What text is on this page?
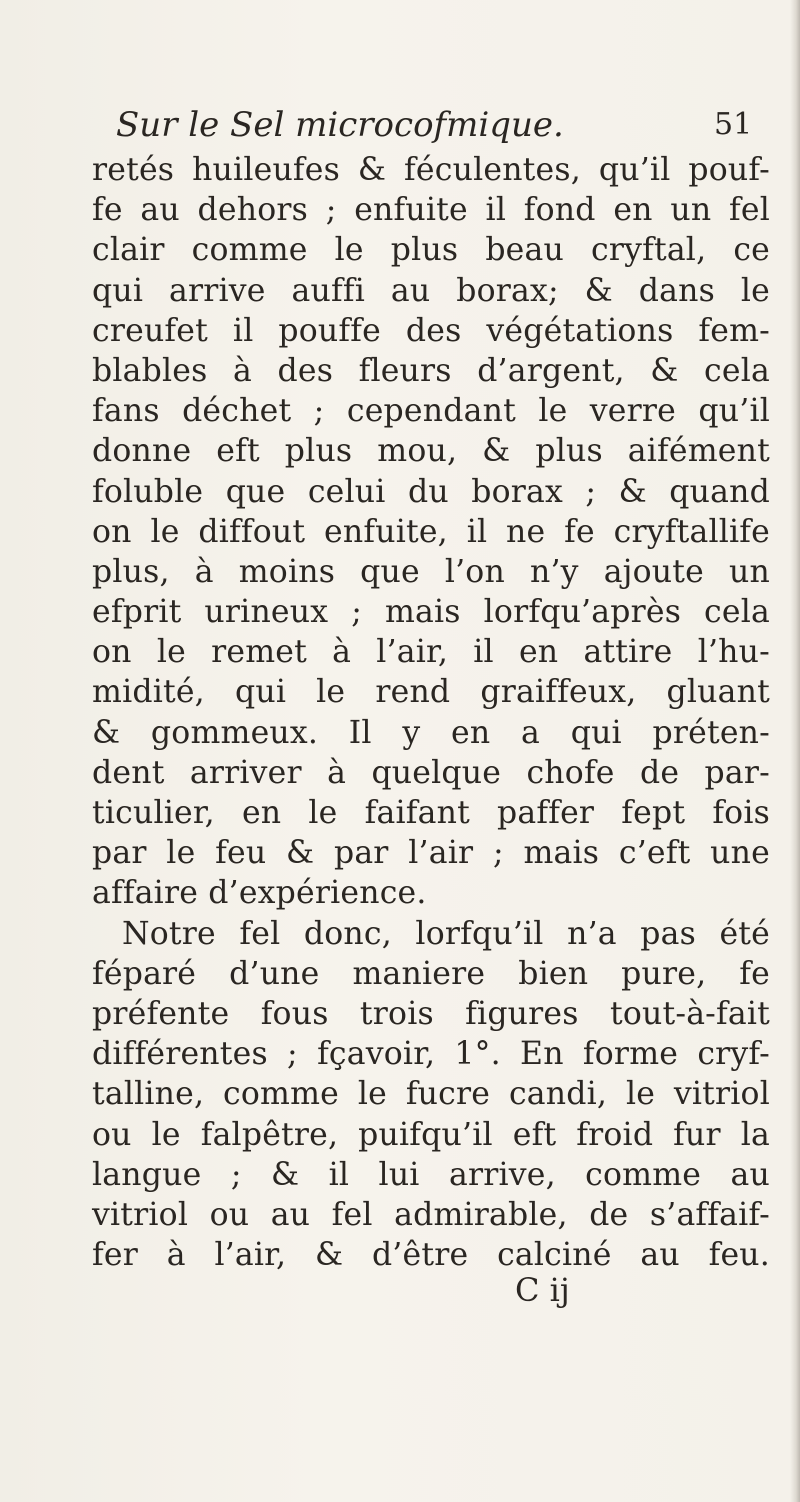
Sur le Sel microcofmique.	51
retés huileufes & féculentes, qu’il pouf-
fe au dehors ; enfuite il fond en un fel
clair comme le plus beau cryftal, ce
qui arrive auffi au borax; & dans le
creufet il pouffe des végétations fem-
blables à des fleurs d’argent, & cela
fans déchet ; cependant le verre qu’il
donne eft plus mou, & plus aifément
foluble que celui du borax ; & quand
on le diffout enfuite, il ne fe cryftallife
plus, à moins que l’on n’y ajoute un
efprit urineux ; mais lorfqu’après cela
on le remet à l’air, il en attire l’hu-
midité, qui le rend graiffeux, gluant
& gommeux. Il y en a qui préten-
dent arriver à quelque chofe de par-
ticulier, en le faifant paffer fept fois
par le feu & par l’air ; mais c’eft une
affaire d’expérience.
Notre fel donc, lorfqu’il n’a pas été
féparé d’une maniere bien pure, fe
préfente fous trois figures tout-à-fait
différentes ; fçavoir, 1°. En forme cryf-
talline, comme le fucre candi, le vitriol
ou le falpêtre, puifqu’il eft froid fur la
langue ; & il lui arrive, comme au
vitriol ou au fel admirable, de s’affaif-
fer à l’air, & d’être calciné au feu.
C ij
